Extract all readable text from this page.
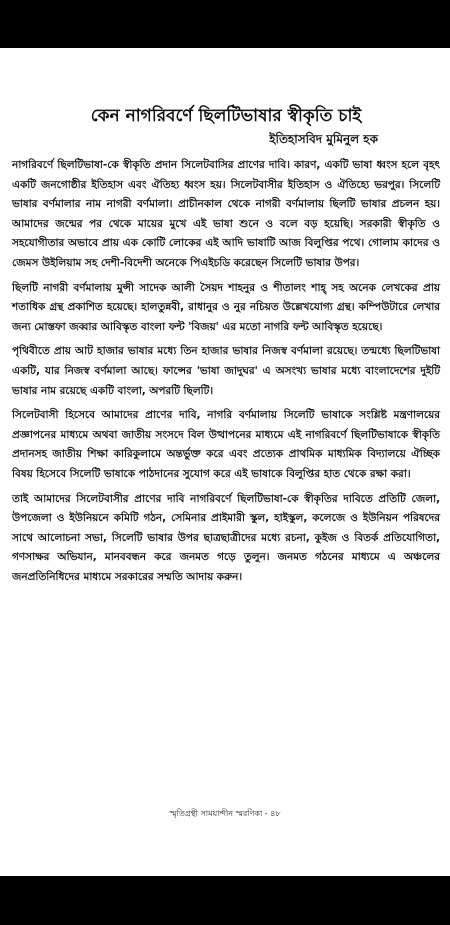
কেন নাগরিবর্ণে ছিলটিভাষার স্বীকৃতি চাই
ইতিহাসবিদ মুমিনুল হক

নাগরিবর্ণে ছিলটিভাষা-কে স্বীকৃতি প্রদান সিলেটবাসির প্রাণের দাবি। কারণ, একটি ভাষা ধ্বংস হলে বৃহৎ একটি জনগোষ্ঠীর ইতিহাস এবং ঐতিহ্য ধ্বংস হয়। সিলেটবাসীর ইতিহাস ও ঐতিহ্যে ভরপুর। সিলেটি ভাষার বর্ণমালার নাম নাগরী বর্ণমালা। প্রাচীনকাল থেকে নাগরী বর্ণমালায় ছিলটি ভাষার প্রচলন হয়। আমাদের জন্মের পর থেকে মায়ের মুখে এই ভাষা শুনে ও বলে বড় হয়েছি। সরকারী স্বীকৃতি ও সহযোগীতার অভাবে প্রায় এক কোটি লোকের এই আদি ভাষাটি আজ বিলুপ্তির পথে। গোলাম কাদের ও জেমস উইলিয়াম সহ দেশী-বিদেশী অনেকে পিএইচডি করেছেন সিলেটি ভাষার উপর।

ছিলটি নাগরী বর্ণমালায় মুন্সী সাদেক আলী সৈয়দ শাহনুর ও শীতালং শাহ্ সহ অনেক লেখকের প্রায় শতাধিক গ্রন্থ প্রকাশিত হয়েছে। হালতুন্নবী, রাধানুর ও নুর নচিয়ত উল্লেখযোগ্য গ্রন্থ। কম্পিউটারে লেখার জন্য মোস্তফা জব্বার আবিস্কৃত বাংলা ফন্ট 'বিজয়' এর মতো নাগরি ফন্ট আবিস্কৃত হয়েছে।

পৃথিবীতে প্রায় আট হাজার ভাষার মধ্যে তিন হাজার ভাষার নিজস্ব বর্ণমালা রয়েছে। তন্মধ্যে ছিলটিভাষা একটি, যার নিজস্ব বর্ণমালা আছে। ফান্সের 'ভাষা জাদুঘর' এ অসংখ্য ভাষার মধ্যে বাংলাদেশের দুইটি ভাষার নাম রয়েছে একটি বাংলা, অপরটি ছিলটি।

সিলেটবাসী হিসেবে আমাদের প্রাণের দাবি, নাগরি বর্ণমালায় সিলেটি ভাষাকে সংশ্লিষ্ট মন্ত্রণালয়ের প্রজ্ঞাপনের মাধ্যমে অথবা জাতীয় সংসদে বিল উত্থাপনের মাধ্যমে এই নাগরিবর্ণে ছিলটিভাষাকে স্বীকৃতি প্রদানসহ জাতীয় শিক্ষা কারিকুলামে অন্তর্ভুক্ত করে এবং প্রত্যেক প্রাথমিক মাধ্যমিক বিদ্যালয়ে ঐচ্ছিক বিষয় হিসেবে সিলেটি ভাষাকে পাঠদানের সুযোগ করে এই ভাষাকে বিলুপ্তির হাত থেকে রক্ষা করা।

তাই আমাদের সিলেটবাসীর প্রাণের দাবি নাগরিবর্ণে ছিলটিভাষা-কে স্বীকৃতির দাবিতে প্রতিটি জেলা, উপজেলা ও ইউনিয়নে কমিটি গঠন, সেমিনার প্রাইমারী স্কুল, হাইস্কুল, কলেজে ও ইউনিয়ন পরিষদের সাথে আলোচনা সভা, সিলেটি ভাষার উপর ছাত্রছাত্রীদের মধ্যে রচনা, কুইজ ও বিতর্ক প্রতিযোগিতা, গণসাক্ষর অভিযান, মানববন্ধন করে জনমত গড়ে তুলুন। জনমত গঠনের মাধ্যমে এ অঞ্চলের জনপ্রতিনিধিদের মাধ্যমে সরকারের সম্মতি আদায় করুন।

স্মৃতিগ্রন্থী সাময়ান্দীন স্মরণিকা - ৪৮
